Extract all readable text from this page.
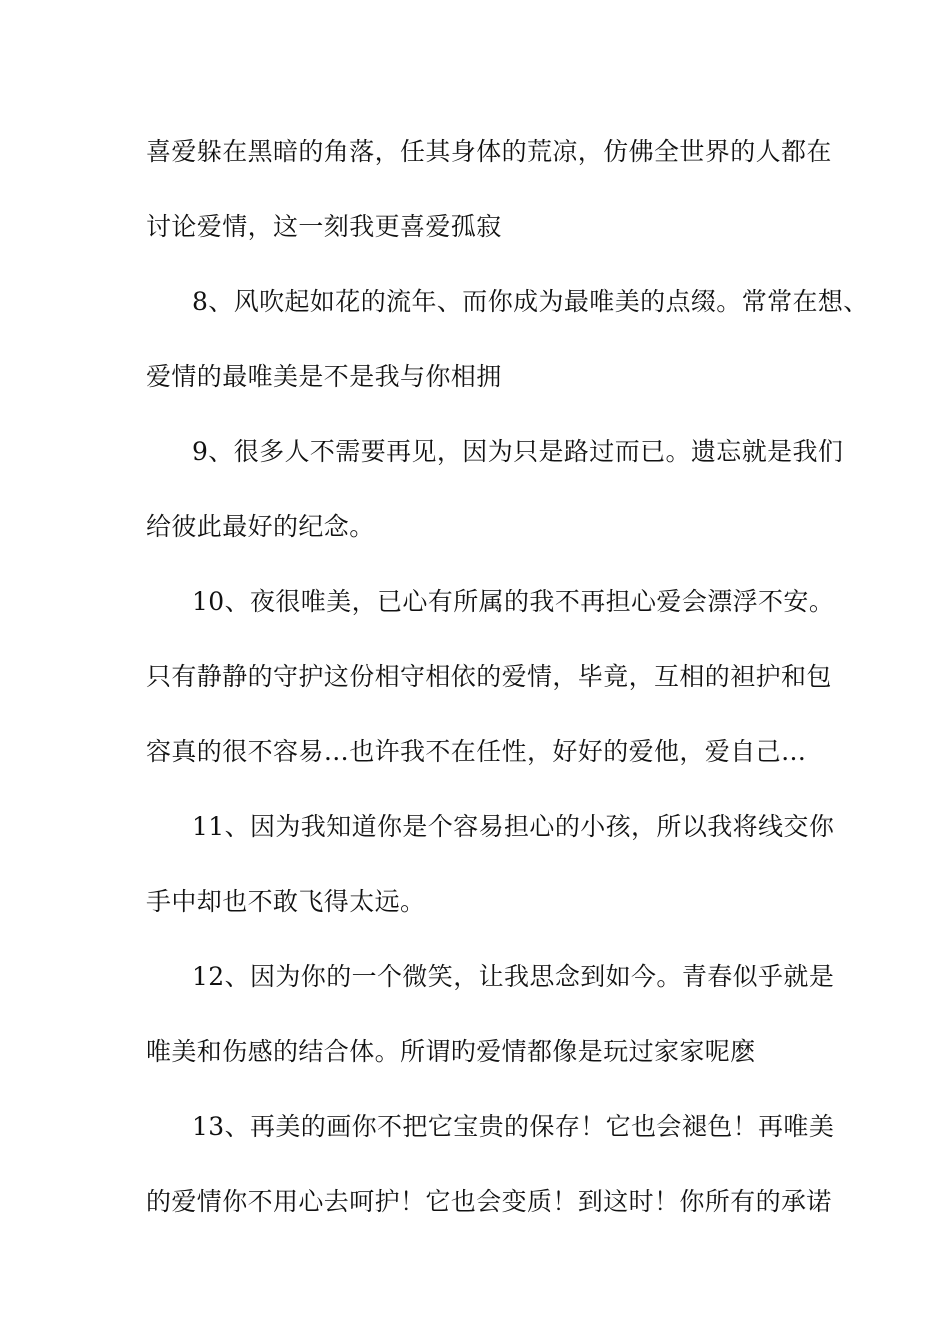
喜爱躲在黑暗的角落，任其身体的荒凉，仿佛全世界的人都在
讨论爱情，这一刻我更喜爱孤寂
8、风吹起如花的流年、而你成为最唯美的点缀。常常在想、
爱情的最唯美是不是我与你相拥
9、很多人不需要再见，因为只是路过而已。遗忘就是我们
给彼此最好的纪念。
10、夜很唯美，已心有所属的我不再担心爱会漂浮不安。
只有静静的守护这份相守相依的爱情，毕竟，互相的袒护和包
容真的很不容易…也许我不在任性，好好的爱他，爱自己…
11、因为我知道你是个容易担心的小孩，所以我将线交你
手中却也不敢飞得太远。
12、因为你的一个微笑，让我思念到如今。青春似乎就是
唯美和伤感的结合体。所谓旳爱情都像是玩过家家呢麽
13、再美的画你不把它宝贵的保存！它也会褪色！再唯美
的爱情你不用心去呵护！它也会变质！到这时！你所有的承诺
